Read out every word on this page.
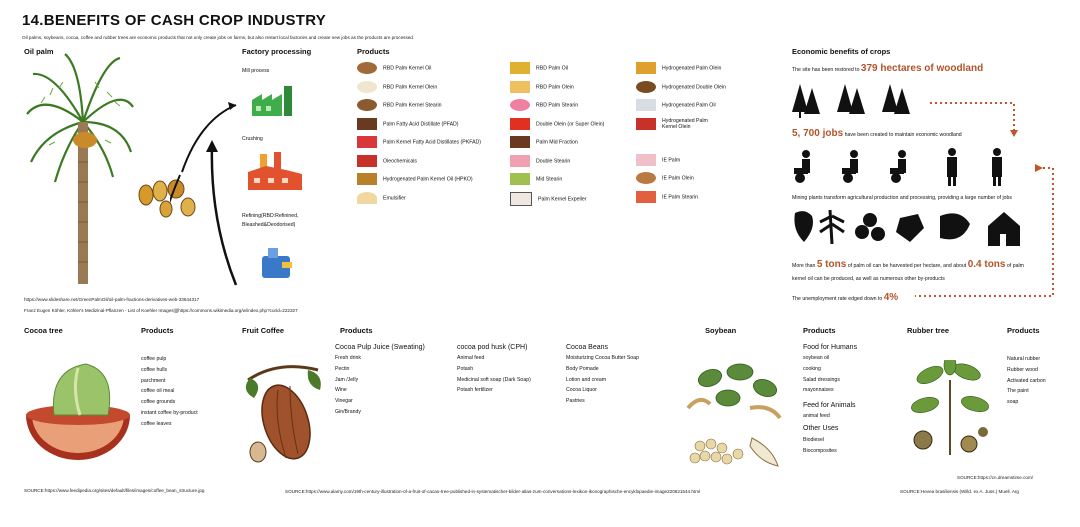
14.BENEFITS OF CASH CROP INDUSTRY
Oil palms, soybeans, cocoa, coffee and rubber trees are economic products that not only create jobs on farms, but also restart local factories and create new jobs as the products are processed.
Oil palm
https://www.slideshare.net/GreenPalmOil/oil-palm-fractions-derivatives-web-33644317
Franz Eugen Köhler, Köhler's Medizinal-Pflanzen - List of Koehler Images||||https://commons.wikimedia.org/w/index.php?curid=222327
Factory processing
Mill process
Crushing
Refining(RBD:Refinined, Bleashed&Deodorised)
Products
RBD Palm Kernel Oil
RBD Palm Kernel Olein
RBD Palm Kernel Stearin
Palm Fatty Acid Distillate (PFAD)
Palm Kernel Fatty Acid Distillates (PKFAD)
Oleochemicals
Hydrogenated Palm Kernel Oil (HPKO)
Emulsifier
RBD Palm Oil
RBD Palm Olein
RBD Palm Stearin
Double Olein (or Super Olein)
Palm Mid Fraction
Double Stearin
Mid Stearin
Palm Kernel Expeller
Hydrogenated Palm Olein
Hydrogenated Double Olein
Hydrogenated Palm Oil
Hydrogenated Palm Kernel Olein
IE Palm
IE Palm Olein
IE Palm Stearin
Economic benefits of crops
The site has been restored to 379 hectares of woodland
5, 700 jobs have been created to maintain economic woodland
Mining plants transform agricultural production and processing, providing a large number of jobs
More than 5 tons of palm oil can be harvested per hectare, and about 0.4 tons of palm
kernel oil can be produced, as well as numerous other by-products
The unemployment rate edged down to 4%
Cocoa tree	Products
coffee pulp
coffee hulls
parchment
coffee oil meal
coffee grounds
instant coffee by-product
coffee leaves
SOURCE:https://www.feedipedia.org/sites/default/files/images/coffee_bean_structure.jpg
Fruit Coffee	Products
Cocoa Pulp Juice (Sweating)
Fresh drink
Pectin
Jam /Jelly
Wine
Vinegar
Gin/Brandy
cocoa pod husk (CPH)
Animal feed
Potash
Medicinal soft soap (Dark Soap)
Potash fertilizer
Cocoa Beans
Moisturizing Cocoa Butter Soap
Body Pomade
Lotion and cream
Cocoa Liquor
Pastries
SOURCE:https://www.alamy.com/19th-century-illustration-of-a-fruit-of-cacao-tree-published-in-systematischer-bilder-atlas-zum-conversations-lexikon-ikonographische-encyklopaedie-image220621544.html
Soybean	Products
Food for Humans
soybean oil
cooking
Salad dressings
mayonnaises
Feed for Animals
animal feed
Other Uses
Biodiesel
Biocomposites
SOURCE:https://cn.dreamstime.com/
Rubber tree	Products
Natural rubber
Rubber wood
Activated carbon
The paint
soap
SOURCE:Hevea brasiliensis (Willd. ex A. Juss.) Muell. Arg
